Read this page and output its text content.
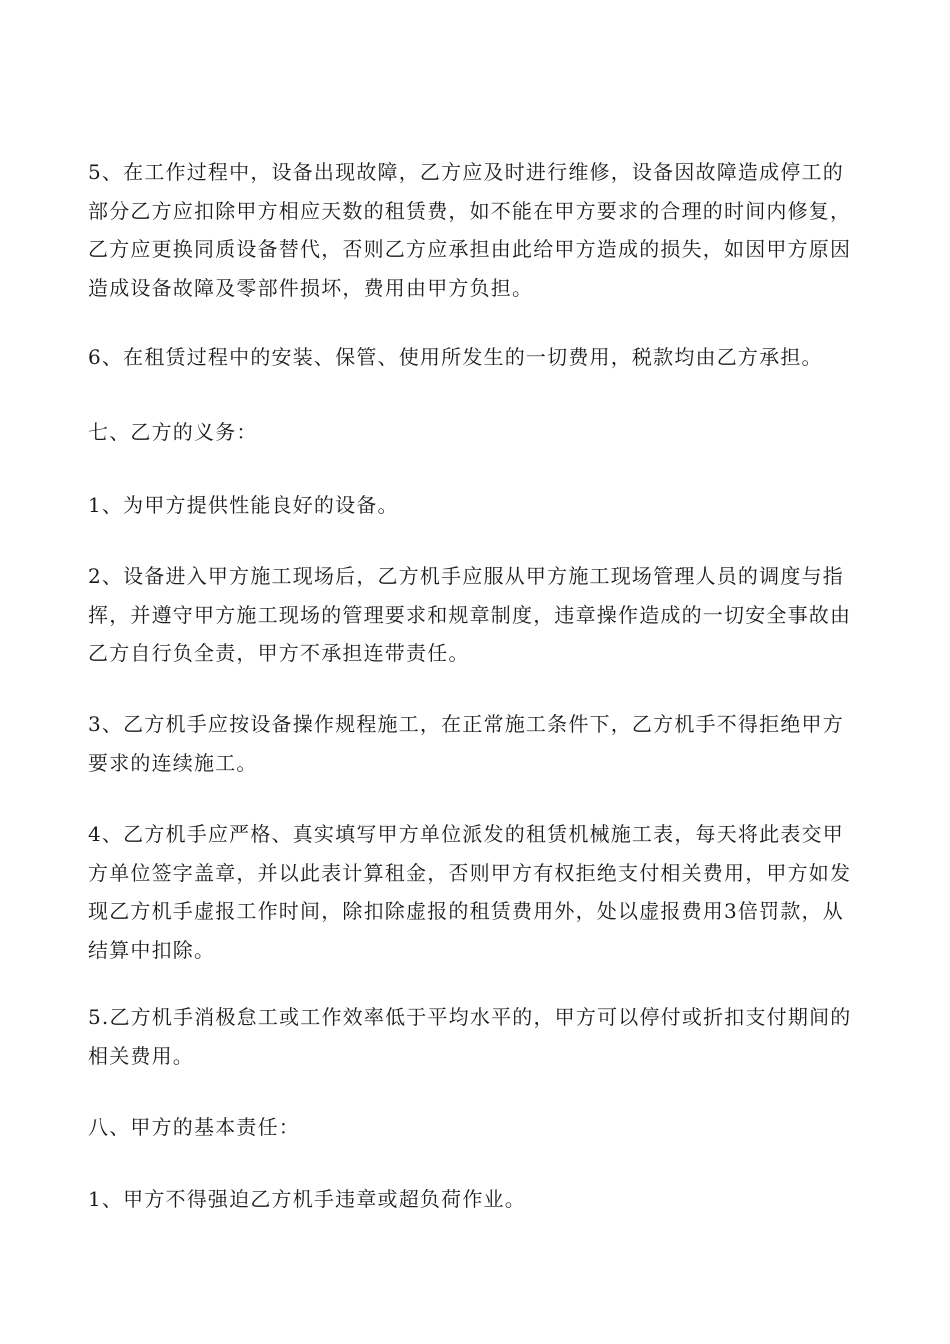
5、在工作过程中，设备出现故障，乙方应及时进行维修，设备因故障造成停工的部分乙方应扣除甲方相应天数的租赁费，如不能在甲方要求的合理的时间内修复，乙方应更换同质设备替代，否则乙方应承担由此给甲方造成的损失，如因甲方原因造成设备故障及零部件损坏，费用由甲方负担。

6、在租赁过程中的安装、保管、使用所发生的一切费用，税款均由乙方承担。

七、乙方的义务：

1、为甲方提供性能良好的设备。

2、设备进入甲方施工现场后，乙方机手应服从甲方施工现场管理人员的调度与指挥，并遵守甲方施工现场的管理要求和规章制度，违章操作造成的一切安全事故由乙方自行负全责，甲方不承担连带责任。

3、乙方机手应按设备操作规程施工，在正常施工条件下，乙方机手不得拒绝甲方要求的连续施工。

4、乙方机手应严格、真实填写甲方单位派发的租赁机械施工表，每天将此表交甲方单位签字盖章，并以此表计算租金，否则甲方有权拒绝支付相关费用，甲方如发现乙方机手虚报工作时间，除扣除虚报的租赁费用外，处以虚报费用3倍罚款，从结算中扣除。

5.乙方机手消极怠工或工作效率低于平均水平的，甲方可以停付或折扣支付期间的相关费用。

八、甲方的基本责任：

1、甲方不得强迫乙方机手违章或超负荷作业。
